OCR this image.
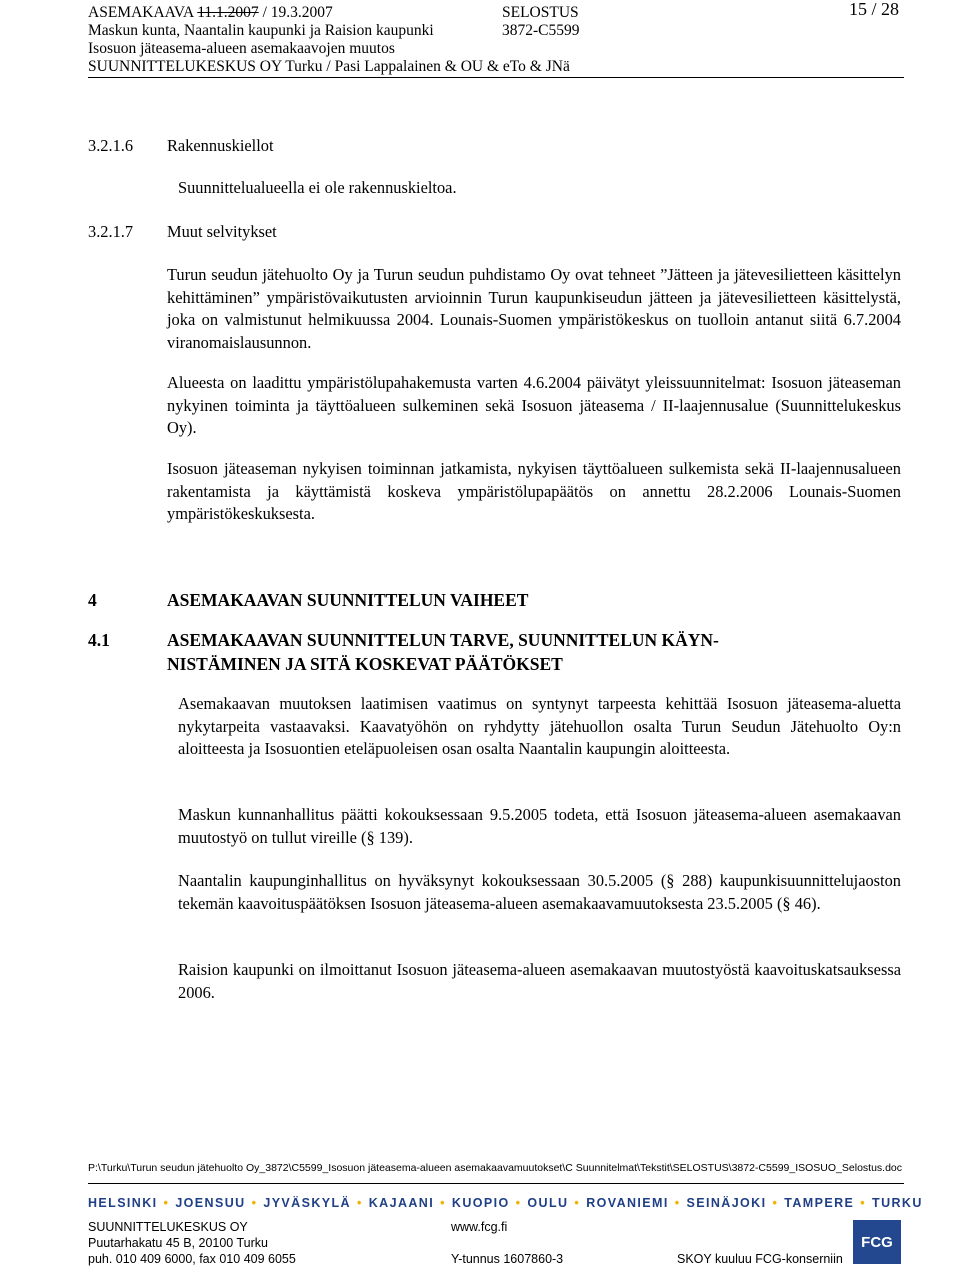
ASEMAKAAVA 11.1.2007 / 19.3.2007	SELOSTUS	15 / 28
Maskun kunta, Naantalin kaupunki ja Raision kaupunki	3872-C5599
Isosuon jäteasema-alueen asemakaavojen muutos
SUUNNITTELUKESKUS OY Turku / Pasi Lappalainen & OU & eTo & JNä
3.2.1.6 Rakennuskiellot
Suunnittelualueella ei ole rakennuskieltoa.
3.2.1.7 Muut selvitykset
Turun seudun jätehuolto Oy ja Turun seudun puhdistamo Oy ovat tehneet ”Jätteen ja jätevesilietteen käsittelyn kehittäminen” ympäristövaikutusten arvioinnin Turun kaupunkiseudun jätteen ja jätevesilietteen käsittelystä, joka on valmistunut helmikuussa 2004. Lounais-Suomen ympäristökeskus on tuolloin antanut siitä 6.7.2004 viranomaislausunnon.
Alueesta on laadittu ympäristölupahakemusta varten 4.6.2004 päivätyt yleissuunnitelmat: Isosuon jäteaseman nykyinen toiminta ja täyttöalueen sulkeminen sekä Isosuon jäteasema / II-laajennusalue (Suunnittelukeskus Oy).
Isosuon jäteaseman nykyisen toiminnan jatkamista, nykyisen täyttöalueen sulkemista sekä II-laajennusalueen rakentamista ja käyttämistä koskeva ympäristölupapäätös on annettu 28.2.2006 Lounais-Suomen ympäristökeskuksesta.
4	ASEMAKAAVAN SUUNNITTELUN VAIHEET
4.1	ASEMAKAAVAN SUUNNITTELUN TARVE, SUUNNITTELUN KÄYN-
NISTÄMINEN JA SITÄ KOSKEVAT PÄÄTÖKSET
Asemakaavan muutoksen laatimisen vaatimus on syntynyt tarpeesta kehittää Isosuon jäteasema-aluetta nykytarpeita vastaavaksi. Kaavatyöhön on ryhdytty jätehuollon osalta Turun Seudun Jätehuolto Oy:n aloitteesta ja Isosuontien eteläpuoleisen osan osalta Naantalin kaupungin aloitteesta.
Maskun kunnanhallitus päätti kokouksessaan 9.5.2005 todeta, että Isosuon jäteasema-alueen asemakaavan muutostyö on tullut vireille (§ 139).
Naantalin kaupunginhallitus on hyväksynyt kokouksessaan 30.5.2005 (§ 288) kaupunkisuunnittelujaoston tekemän kaavoituspäätöksen Isosuon jäteasema-alueen asemakaavamuutoksesta 23.5.2005 (§ 46).
Raision kaupunki on ilmoittanut Isosuon jäteasema-alueen asemakaavan muutostyöstä kaavoituskatsauksessa 2006.
P:\Turku\Turun seudun jätehuolto Oy_3872\C5599_Isosuon jäteasema-alueen asemakaavamuutokset\C Suunnitelmat\Tekstit\SELOSTUS\3872-C5599_ISOSUO_Selostus.doc
HELSINKI • JOENSUU • JYVÄSKYLÄ • KAJAANI • KUOPIO • OULU • ROVANIEMI • SEINÄJOKI • TAMPERE • TURKU
SUUNNITTELUKESKUS OY
Puutarhakatu 45 B, 20100 Turku
puh. 010 409 6000, fax 010 409 6055
www.fcg.fi
Y-tunnus 1607860-3	SKOY kuuluu FCG-konserniin
FCG
